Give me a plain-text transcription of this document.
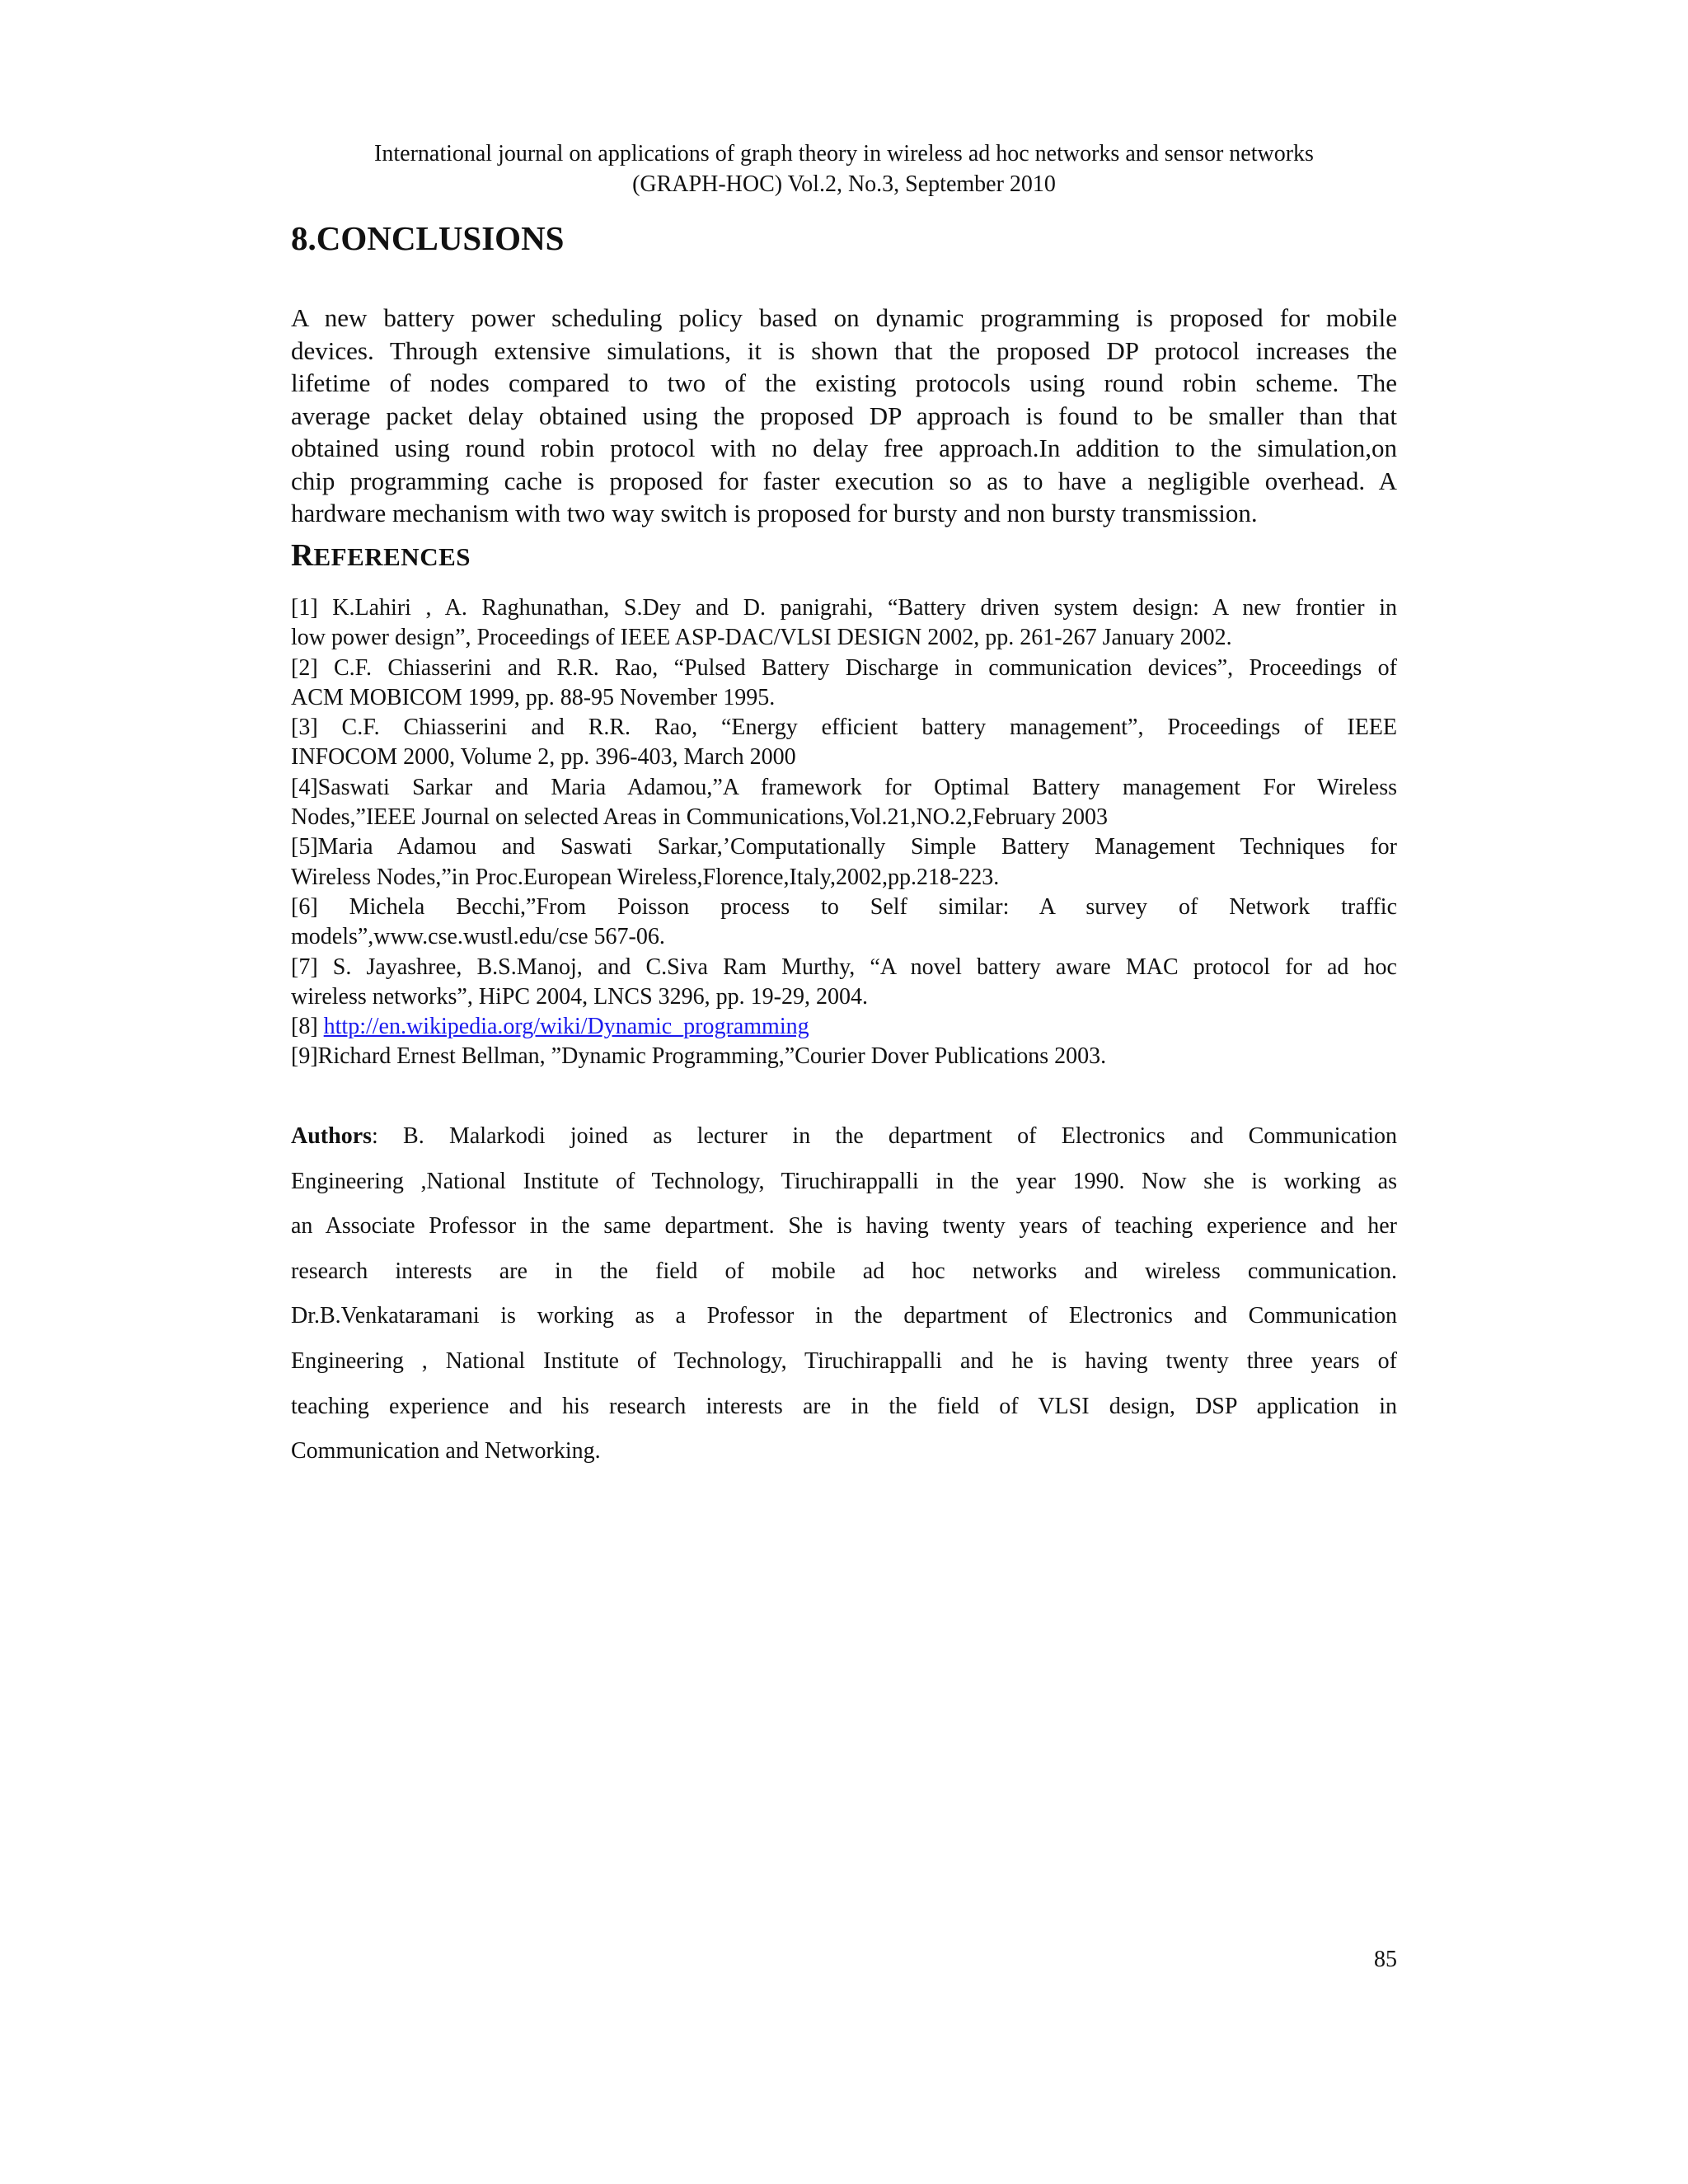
International journal on applications of graph theory in wireless ad hoc networks and sensor networks
(GRAPH-HOC) Vol.2, No.3, September 2010
8.CONCLUSIONS
A new battery power scheduling policy based on dynamic programming is proposed for mobile
devices. Through extensive simulations, it is shown that the proposed DP protocol increases the
lifetime of nodes compared to two of the existing protocols using round robin scheme. The
average packet delay obtained using the proposed DP approach is found to be smaller than that
obtained using round robin protocol with no delay free approach.In addition to the simulation,on
chip programming cache is proposed for faster execution so as to have a negligible overhead. A
hardware mechanism with two way switch is proposed for bursty and non bursty transmission.
REFERENCES
[1] K.Lahiri , A. Raghunathan, S.Dey and D. panigrahi, “Battery driven system design: A new frontier in
low power design”, Proceedings of IEEE ASP-DAC/VLSI DESIGN 2002, pp. 261-267 January 2002.
[2] C.F. Chiasserini and R.R. Rao, “Pulsed Battery Discharge in communication devices”, Proceedings of
ACM MOBICOM 1999, pp. 88-95 November 1995.
[3] C.F. Chiasserini and R.R. Rao, “Energy efficient battery management”, Proceedings of IEEE
INFOCOM 2000, Volume 2, pp. 396-403, March 2000
[4]Saswati Sarkar and Maria Adamou,”A framework for Optimal Battery management For Wireless
Nodes,”IEEE Journal on selected Areas in Communications,Vol.21,NO.2,February 2003
[5]Maria Adamou and Saswati Sarkar,’Computationally Simple Battery Management Techniques for
Wireless Nodes,”in Proc.European Wireless,Florence,Italy,2002,pp.218-223.
[6] Michela Becchi,”From Poisson process to Self similar: A survey of Network traffic
models”,www.cse.wustl.edu/cse 567-06.
[7] S. Jayashree, B.S.Manoj, and C.Siva Ram Murthy, “A novel battery aware MAC protocol for ad hoc
wireless networks”, HiPC 2004, LNCS 3296, pp. 19-29, 2004.
[8] http://en.wikipedia.org/wiki/Dynamic_programming
[9]Richard Ernest Bellman, ”Dynamic Programming,”Courier Dover Publications 2003.
Authors: B. Malarkodi joined as lecturer in the department of Electronics and Communication
Engineering ,National Institute of Technology, Tiruchirappalli in the year 1990. Now she is working as
an Associate Professor in the same department. She is having twenty years of teaching experience and her
research interests are in the field of mobile ad hoc networks and wireless communication.
Dr.B.Venkataramani is working as a Professor in the department of Electronics and Communication
Engineering , National Institute of Technology, Tiruchirappalli and he is having twenty three years of
teaching experience and his research interests are in the field of VLSI design, DSP application in
Communication and Networking.
85
